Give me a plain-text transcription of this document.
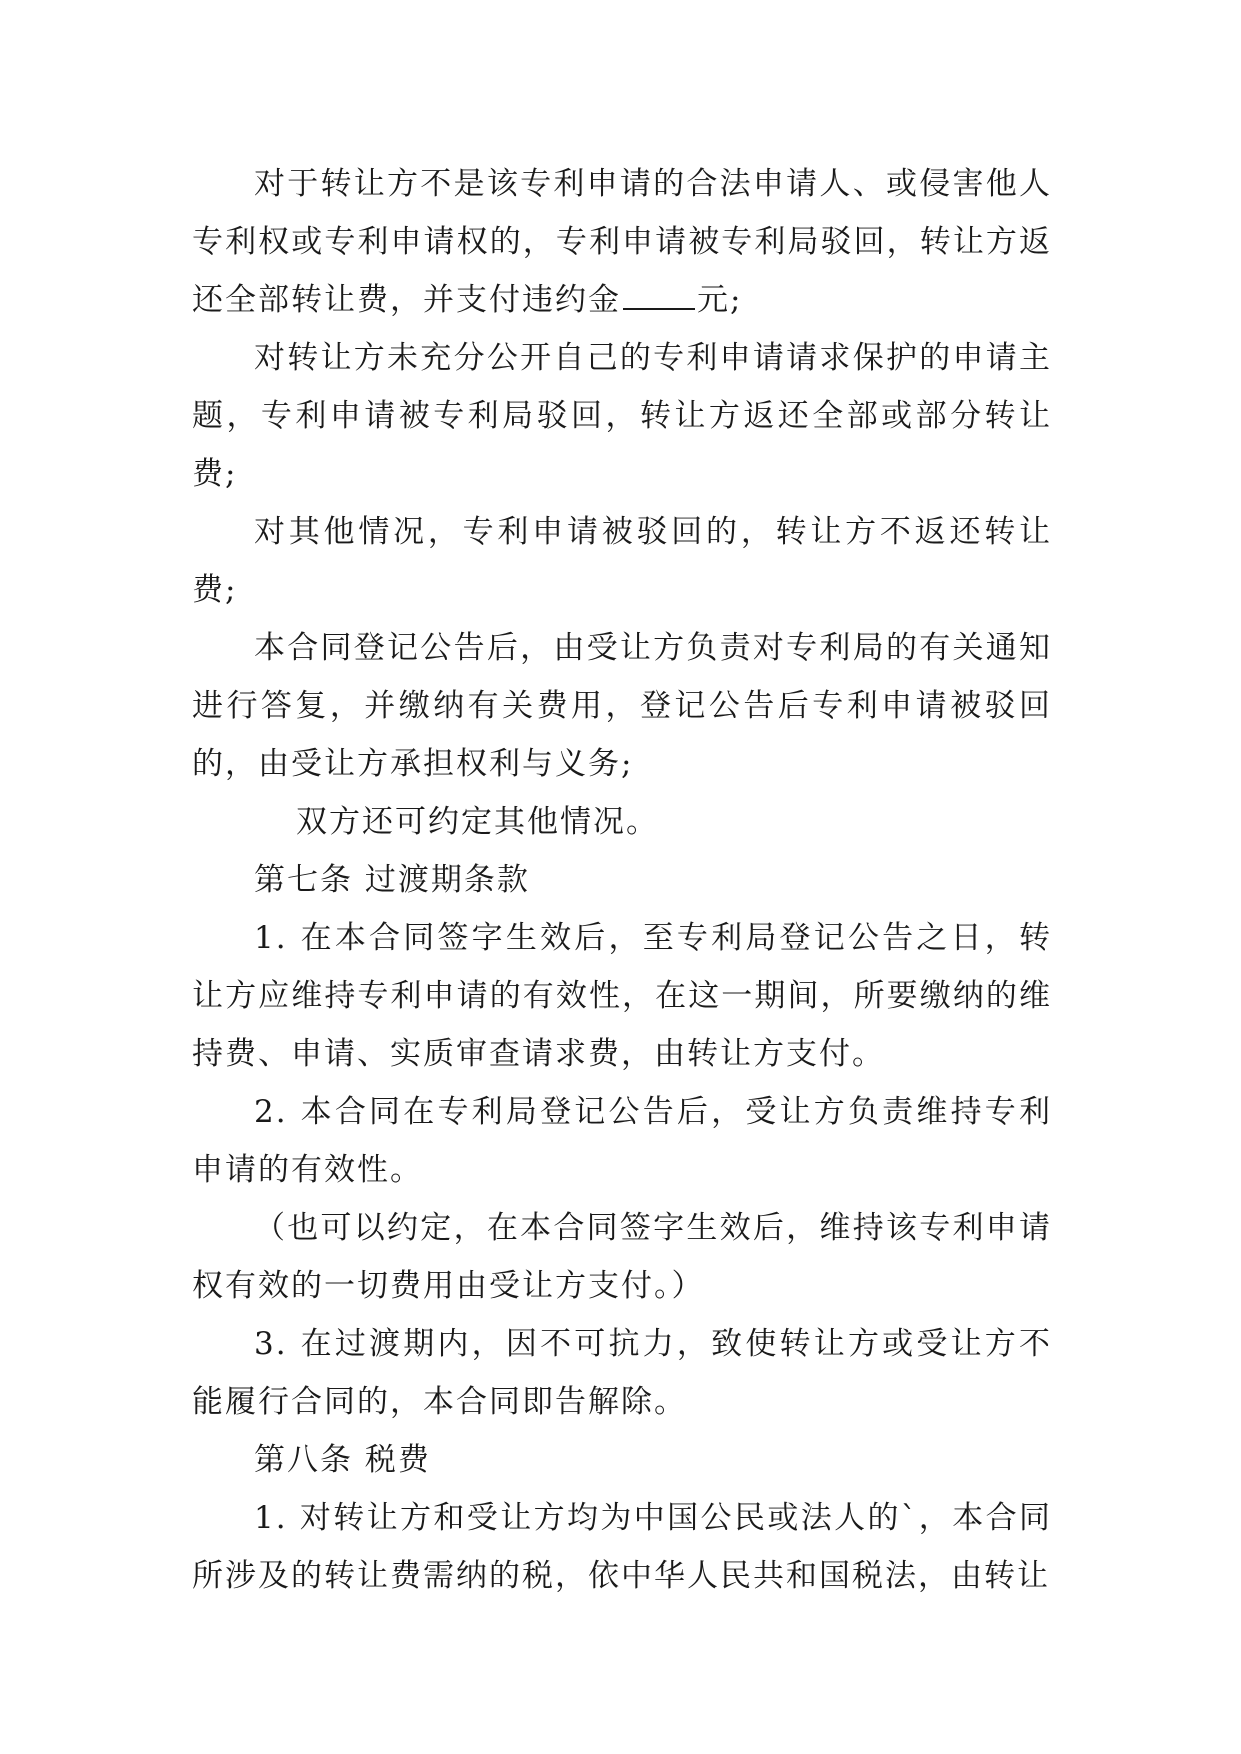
对于转让方不是该专利申请的合法申请人、或侵害他人专利权或专利申请权的，专利申请被专利局驳回，转让方返还全部转让费，并支付违约金 元;

对转让方未充分公开自己的专利申请请求保护的申请主题，专利申请被专利局驳回，转让方返还全部或部分转让费;

对其他情况，专利申请被驳回的，转让方不返还转让费;

本合同登记公告后，由受让方负责对专利局的有关通知进行答复，并缴纳有关费用，登记公告后专利申请被驳回的，由受让方承担权利与义务;

双方还可约定其他情况。

第七条 过渡期条款

1. 在本合同签字生效后，至专利局登记公告之日，转让方应维持专利申请的有效性，在这一期间，所要缴纳的维持费、申请、实质审查请求费，由转让方支付。

2. 本合同在专利局登记公告后，受让方负责维持专利申请的有效性。

（也可以约定，在本合同签字生效后，维持该专利申请权有效的一切费用由受让方支付。）

3. 在过渡期内，因不可抗力，致使转让方或受让方不能履行合同的，本合同即告解除。

第八条 税费

1. 对转让方和受让方均为中国公民或法人的`，本合同所涉及的转让费需纳的税，依中华人民共和国税法，由转让
